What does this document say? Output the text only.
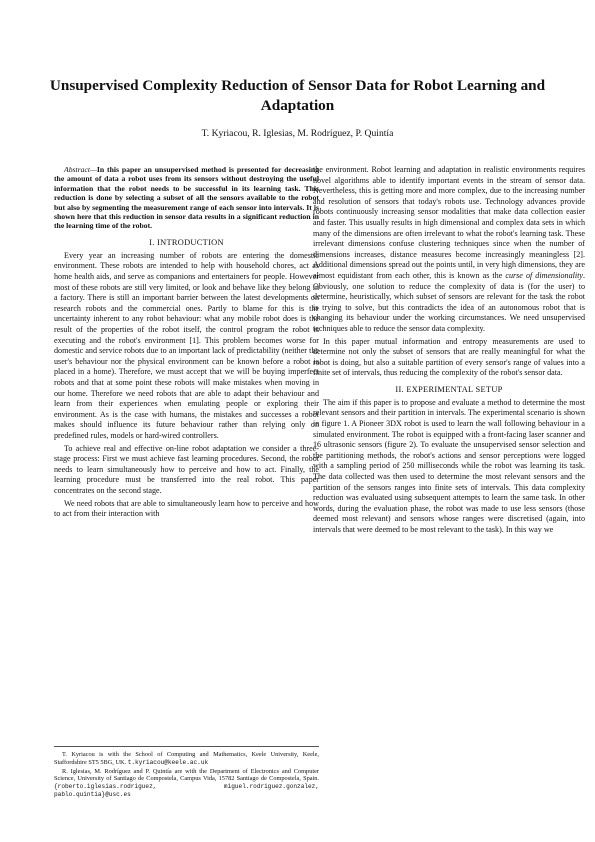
Unsupervised Complexity Reduction of Sensor Data for Robot Learning and Adaptation
T. Kyriacou, R. Iglesias, M. Rodríguez, P. Quintía

Abstract—In this paper an unsupervised method is presented for decreasing the amount of data a robot uses from its sensors without destroying the useful information that the robot needs to be successful in its learning task. This reduction is done by selecting a subset of all the sensors available to the robot but also by segmenting the measurement range of each sensor into intervals. It is shown here that this reduction in sensor data results in a significant reduction in the learning time of the robot.

I. INTRODUCTION

Every year an increasing number of robots are entering the domestic environment. These robots are intended to help with household chores, act as home health aids, and serve as companions and entertainers for people. However most of these robots are still very limited, or look and behave like they belong in a factory. There is still an important barrier between the latest developments on research robots and the commercial ones. Partly to blame for this is the uncertainty inherent to any robot behaviour: what any mobile robot does is the result of the properties of the robot itself, the control program the robot is executing and the robot's environment [1]. This problem becomes worse for domestic and service robots due to an important lack of predictability (neither the user's behaviour nor the physical environment can be known before a robot is placed in a home). Therefore, we must accept that we will be buying imperfect robots and that at some point these robots will make mistakes when moving in our home. Therefore we need robots that are able to adapt their behaviour and learn from their experiences when emulating people or exploring their environment. As is the case with humans, the mistakes and successes a robot makes should influence its future behaviour rather than relying only on predefined rules, models or hard-wired controllers.

To achieve real and effective on-line robot adaptation we consider a three-stage process: First we must achieve fast learning procedures. Second, the robot needs to learn simultaneously how to perceive and how to act. Finally, the learning procedure must be transferred into the real robot. This paper concentrates on the second stage.

We need robots that are able to simultaneously learn how to perceive and how to act from their interaction with

T. Kyriacou is with the School of Computing and Mathematics, Keele University, Keele, Staffordshire ST5 5BG, UK. t.kyriacou@keele.ac.uk

R. Iglesias, M. Rodríguez and P. Quintía are with the Department of Electronics and Computer Science, University of Santiago de Compostela, Campus Vida, 15782 Santiago de Compostela, Spain. {roberto.iglesias.rodriguez, miguel.rodriguez.gonzalez, pablo.quintia}@usc.es

the environment. Robot learning and adaptation in realistic environments requires novel algorithms able to identify important events in the stream of sensor data. Nevertheless, this is getting more and more complex, due to the increasing number and resolution of sensors that today's robots use. Technology advances provide robots continuously increasing sensor modalities that make data collection easier and faster. This usually results in high dimensional and complex data sets in which many of the dimensions are often irrelevant to what the robot's learning task. These irrelevant dimensions confuse clustering techniques since when the number of dimensions increases, distance measures become increasingly meaningless [2]. Additional dimensions spread out the points until, in very high dimensions, they are almost equidistant from each other, this is known as the curse of dimensionality. Obviously, one solution to reduce the complexity of data is (for the user) to determine, heuristically, which subset of sensors are relevant for the task the robot is trying to solve, but this contradicts the idea of an autonomous robot that is changing its behaviour under the working circumstances. We need unsupervised techniques able to reduce the sensor data complexity.

In this paper mutual information and entropy measurements are used to determine not only the subset of sensors that are really meaningful for what the robot is doing, but also a suitable partition of every sensor's range of values into a finite set of intervals, thus reducing the complexity of the robot's sensor data.

II. EXPERIMENTAL SETUP

The aim if this paper is to propose and evaluate a method to determine the most relevant sensors and their partition in intervals. The experimental scenario is shown in figure 1. A Pioneer 3DX robot is used to learn the wall following behaviour in a simulated environment. The robot is equipped with a front-facing laser scanner and 16 ultrasonic sensors (figure 2). To evaluate the unsupervised sensor selection and the partitioning methods, the robot's actions and sensor perceptions were logged with a sampling period of 250 milliseconds while the robot was learning its task. The data collected was then used to determine the most relevant sensors and the partition of the sensors ranges into finite sets of intervals. This data complexity reduction was evaluated using subsequent attempts to learn the same task. In other words, during the evaluation phase, the robot was made to use less sensors (those deemed most relevant) and sensors whose ranges were discretised (again, into intervals that were deemed to be most relevant to the task). In this way we
